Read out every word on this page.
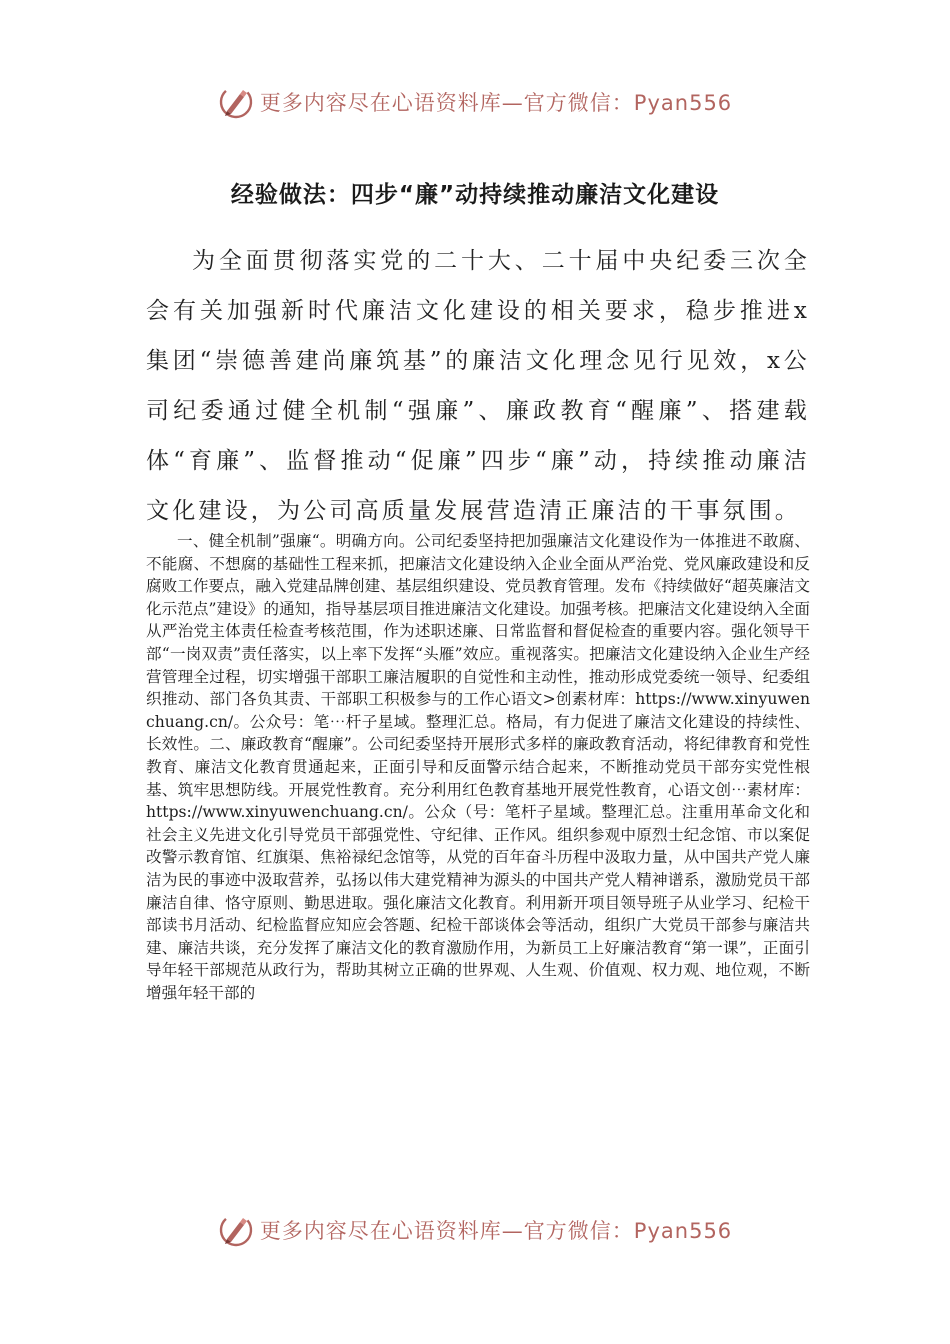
更多内容尽在心语资料库—官方微信：Pyan556
经验做法：四步“廉”动持续推动廉洁文化建设

为全面贯彻落实党的二十大、二十届中央纪委三次全会有关加强新时代廉洁文化建设的相关要求，稳步推进x集团“崇德善建尚廉筑基”的廉洁文化理念见行见效，x公司纪委通过健全机制“强廉”、廉政教育“醒廉”、搭建载体“育廉”、监督推动“促廉”四步“廉”动，持续推动廉洁文化建设，为公司高质量发展营造清正廉洁的干事氛围。

一、健全机制”强廉“。明确方向。公司纪委坚持把加强廉洁文化建设作为一体推进不敢腐、不能腐、不想腐的基础性工程来抓，把廉洁文化建设纳入企业全面从严治党、党风廉政建设和反腐败工作要点，融入党建品牌创建、基层组织建设、党员教育管理。发布《持续做好“超英廉洁文化示范点”建设》的通知，指导基层项目推进廉洁文化建设。加强考核。把廉洁文化建设纳入全面从严治党主体责任检查考核范围，作为述职述廉、日常监督和督促检查的重要内容。强化领导干部“一岗双责”责任落实，以上率下发挥“头雁”效应。重视落实。把廉洁文化建设纳入企业生产经营管理全过程，切实增强干部职工廉洁履职的自觉性和主动性，推动形成党委统一领导、纪委组织推动、部门各负其责、干部职工积极参与的工作心语文>创素材库：https://www.xinyuwenchuang.cn/。公众号：笔⋯杆子星域。整理汇总。格局，有力促进了廉洁文化建设的持续性、长效性。二、廉政教育“醒廉”。公司纪委坚持开展形式多样的廉政教育活动，将纪律教育和党性教育、廉洁文化教育贯通起来，正面引导和反面警示结合起来，不断推动党员干部夯实党性根基、筑牢思想防线。开展党性教育。充分利用红色教育基地开展党性教育，心语文创⋯素材库：https://www.xinyuwenchuang.cn/。公众（号：笔杆子星域。整理汇总。注重用革命文化和社会主义先进文化引导党员干部强党性、守纪律、正作风。组织参观中原烈士纪念馆、市以案促改警示教育馆、红旗渠、焦裕禄纪念馆等，从党的百年奋斗历程中汲取力量，从中国共产党人廉洁为民的事迹中汲取营养，弘扬以伟大建党精神为源头的中国共产党人精神谱系，激励党员干部廉洁自律、恪守原则、勤思进取。强化廉洁文化教育。利用新开项目领导班子从业学习、纪检干部读书月活动、纪检监督应知应会答题、纪检干部谈体会等活动，组织广大党员干部参与廉洁共建、廉洁共谈，充分发挥了廉洁文化的教育激励作用，为新员工上好廉洁教育“第一课”，正面引导年轻干部规范从政行为，帮助其树立正确的世界观、人生观、价值观、权力观、地位观，不断增强年轻干部的

更多内容尽在心语资料库—官方微信：Pyan556
